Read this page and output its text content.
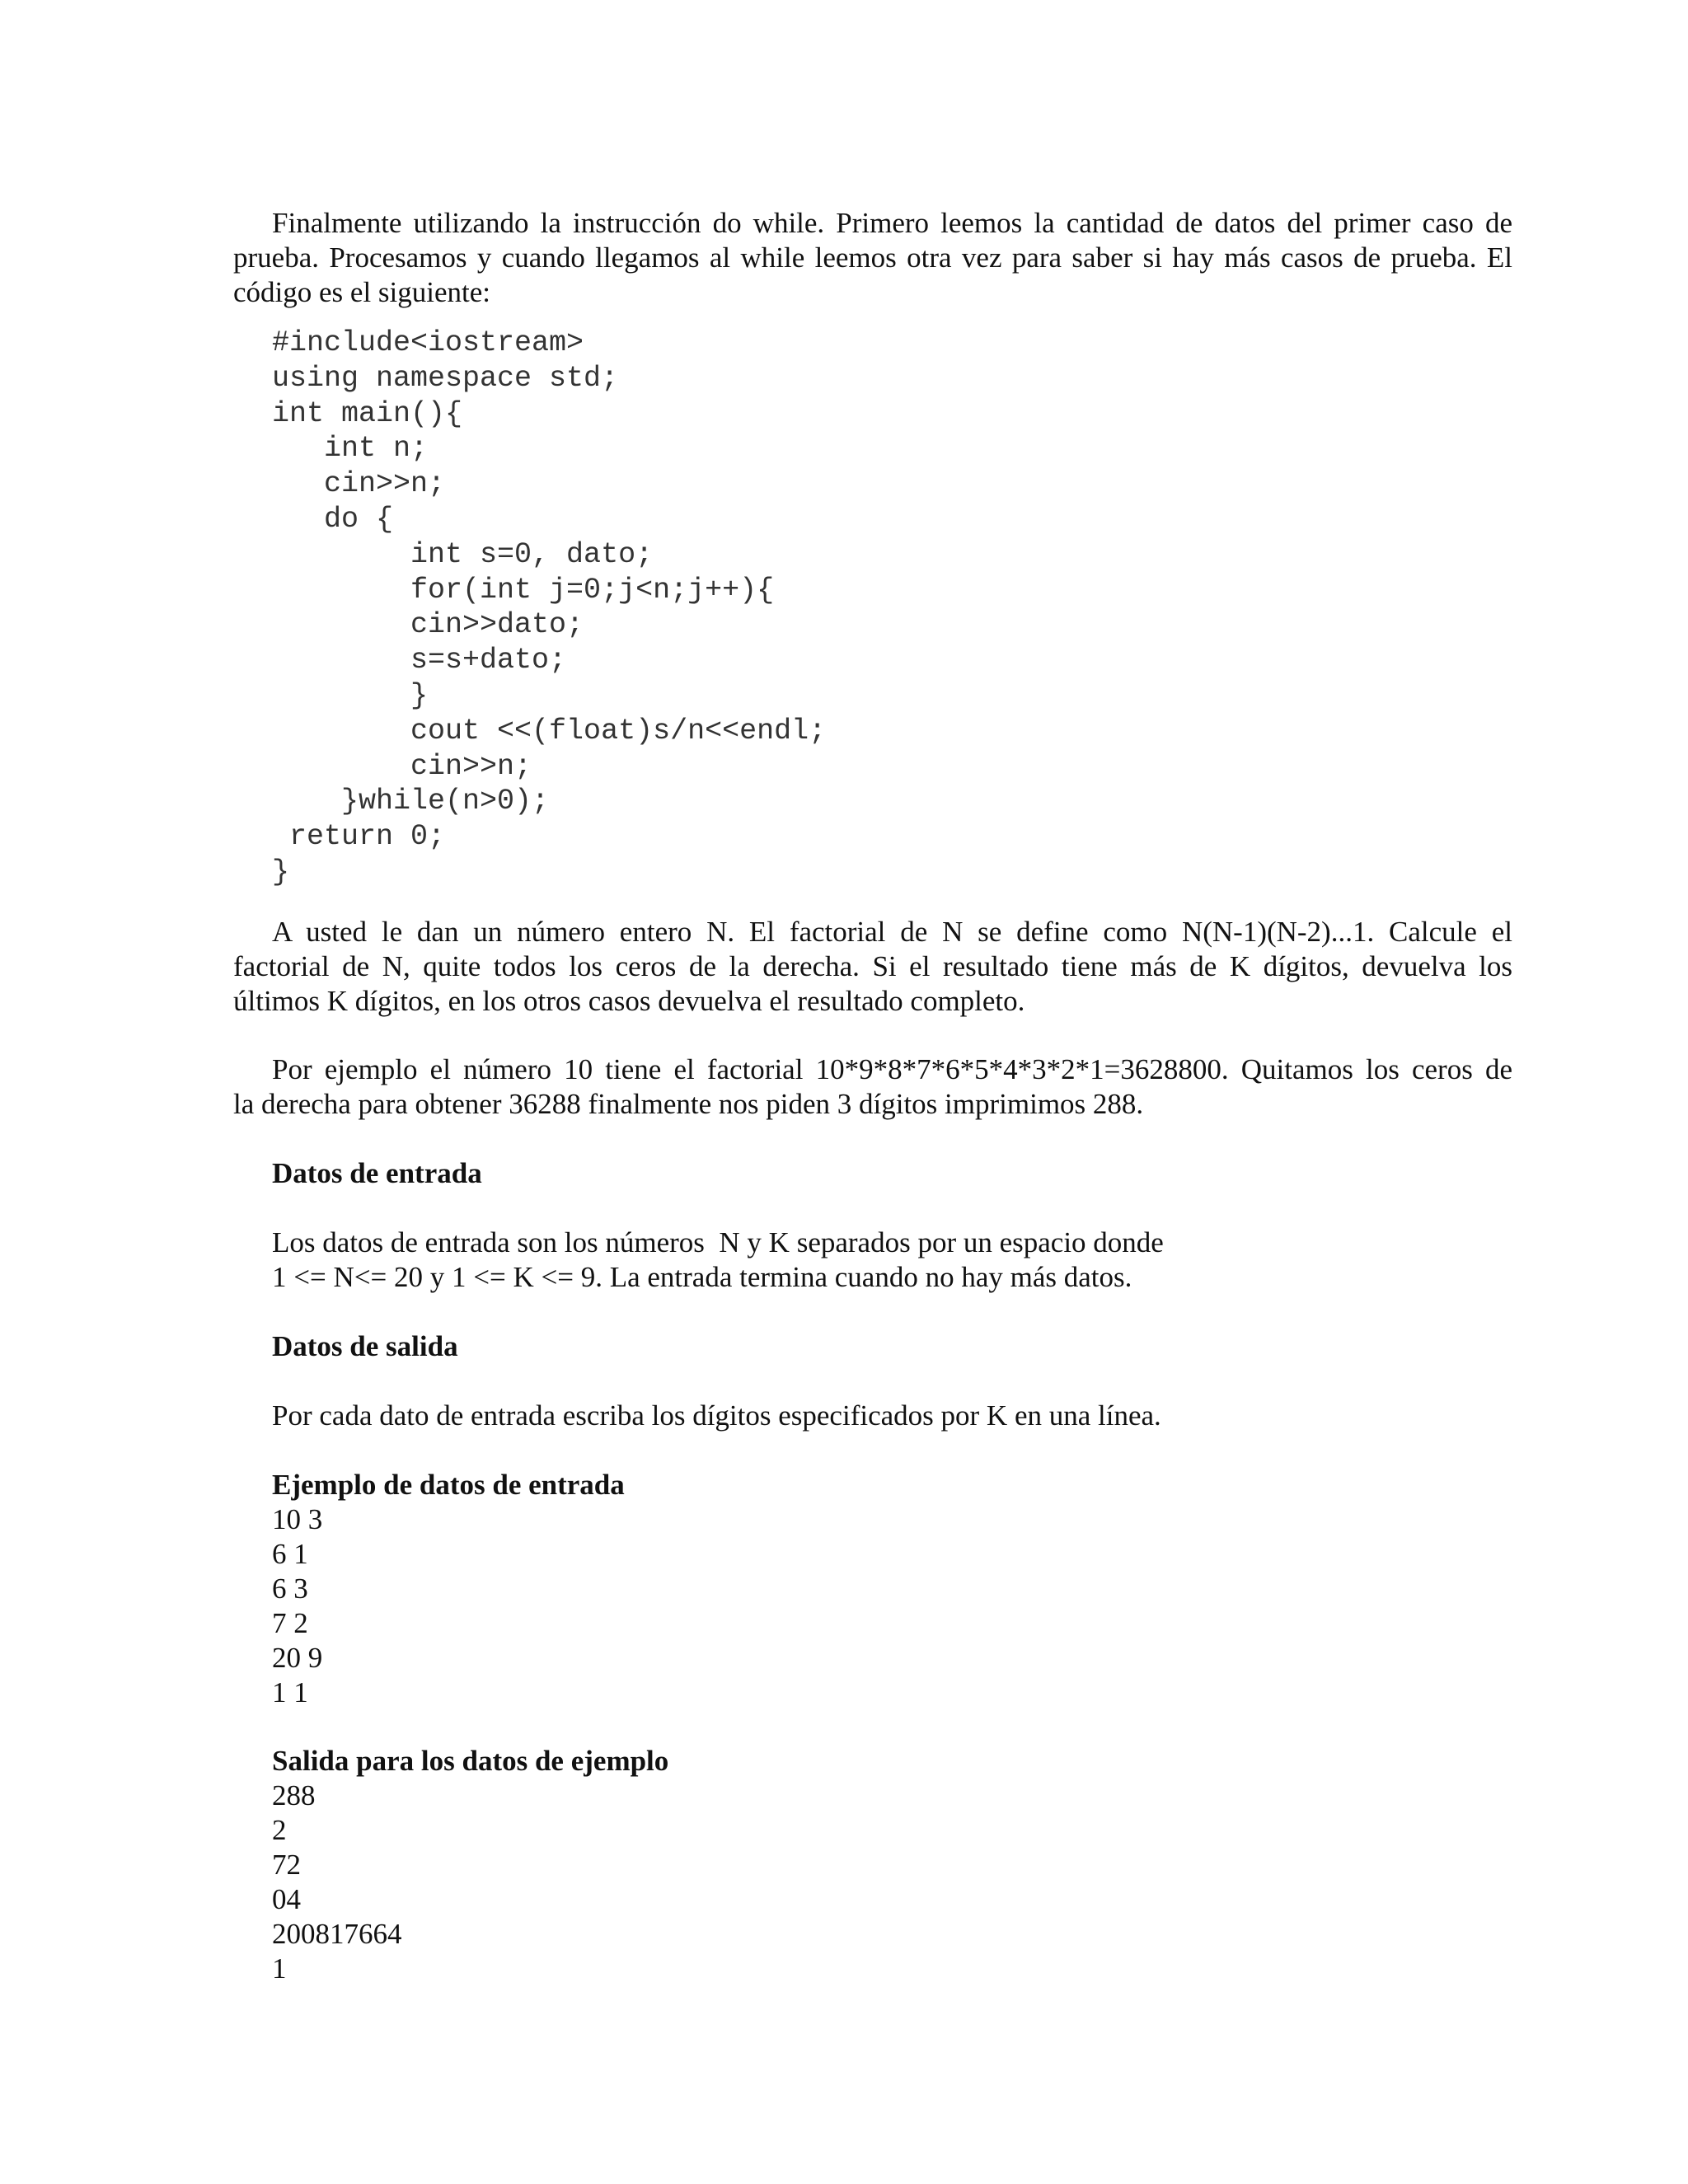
Finalmente utilizando la instrucción do while. Primero leemos la cantidad de datos del primer caso de
prueba. Procesamos y cuando llegamos al while leemos otra vez para saber si hay más casos de prueba. El
código es el siguiente:
#include<iostream>
using namespace std;
int main(){
int n;
cin>>n;
do {
int s=0, dato;
for(int j=0;j<n;j++){
cin>>dato;
s=s+dato;
}
cout <<(float)s/n<<endl;
cin>>n;
}while(n>0);
return 0;
}
A usted le dan un número entero N. El factorial de N se define como N(N-1)(N-2)...1. Calcule el
factorial de N, quite todos los ceros de la derecha. Si el resultado tiene más de K dígitos, devuelva los
últimos K dígitos, en los otros casos devuelva el resultado completo.
Por ejemplo el número 10 tiene el factorial 10*9*8*7*6*5*4*3*2*1=3628800. Quitamos los ceros de
la derecha para obtener 36288 finalmente nos piden 3 dígitos imprimimos 288.
Datos de entrada
Los datos de entrada son los números  N y K separados por un espacio donde
1 <= N<= 20 y 1 <= K <= 9. La entrada termina cuando no hay más datos.
Datos de salida
Por cada dato de entrada escriba los dígitos especificados por K en una línea.
Ejemplo de datos de entrada
10 3
6 1
6 3
7 2
20 9
1 1
Salida para los datos de ejemplo
288
2
72
04
200817664
1
